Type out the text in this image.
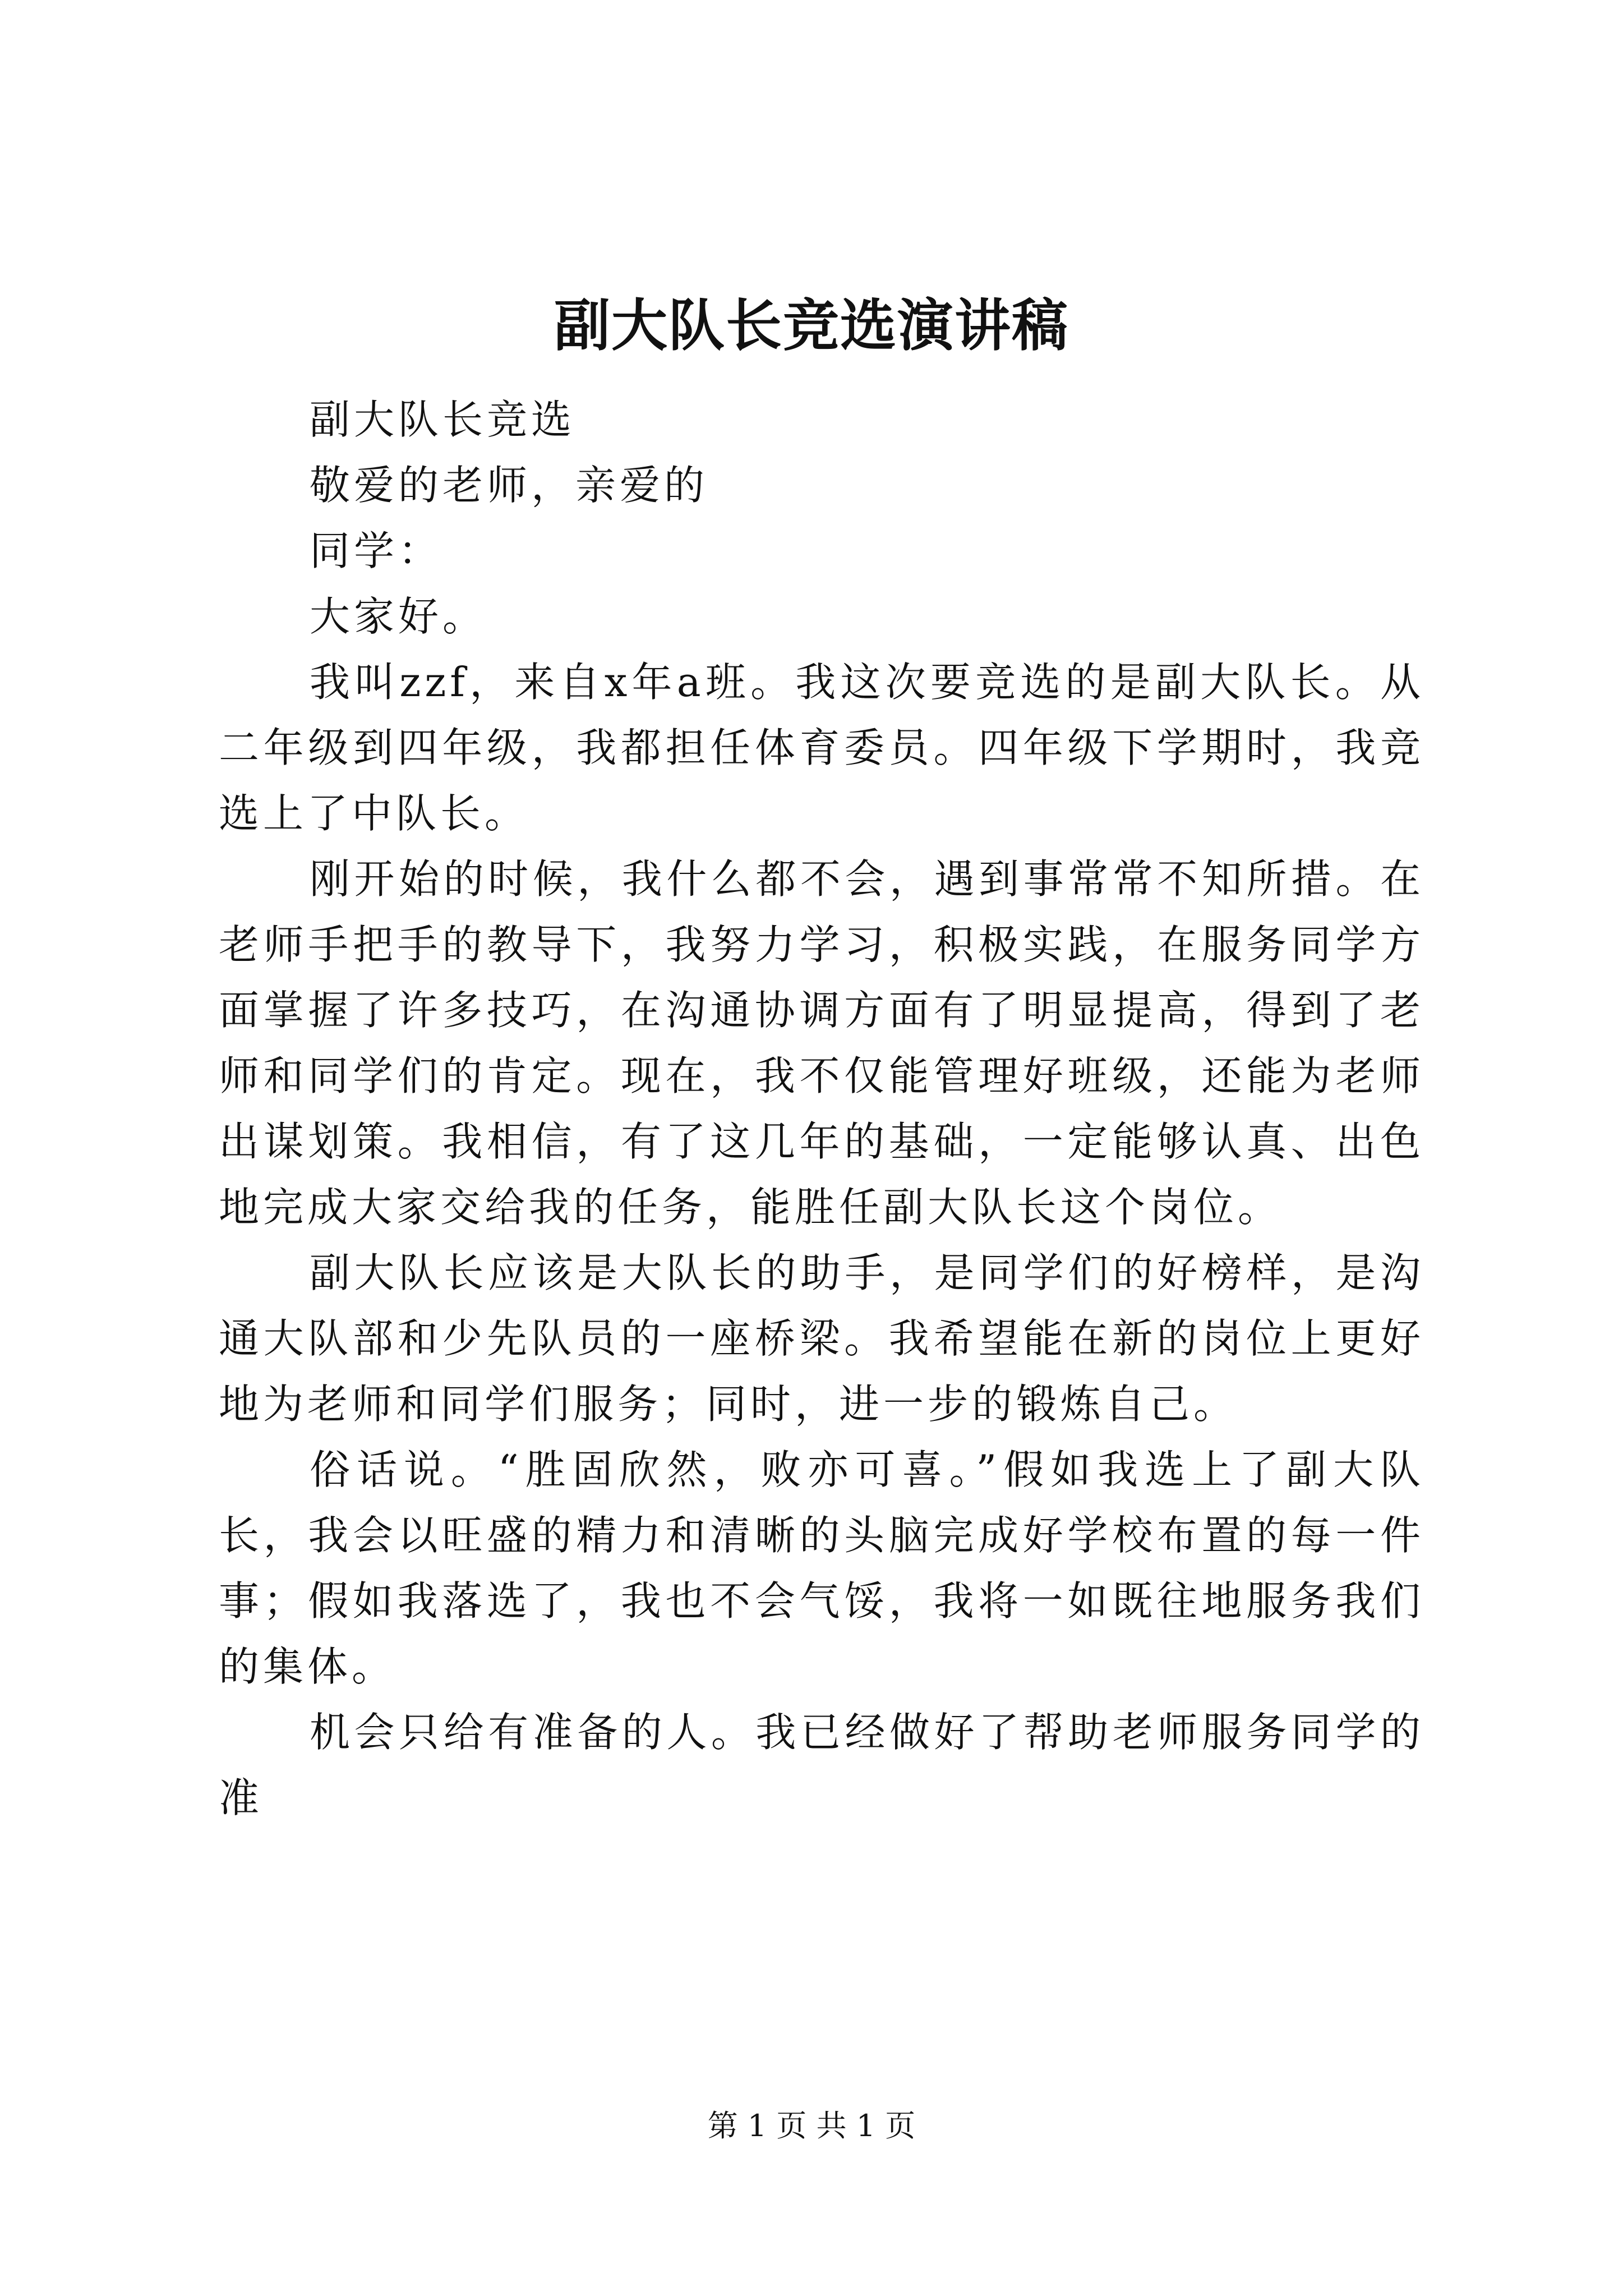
副大队长竞选演讲稿

副大队长竞选

敬爱的老师，亲爱的

同学：

大家好。

我叫zzf，来自x年a班。我这次要竞选的是副大队长。从二年级到四年级，我都担任体育委员。四年级下学期时，我竞选上了中队长。

刚开始的时候，我什么都不会，遇到事常常不知所措。在老师手把手的教导下，我努力学习，积极实践，在服务同学方面掌握了许多技巧，在沟通协调方面有了明显提高，得到了老师和同学们的肯定。现在，我不仅能管理好班级，还能为老师出谋划策。我相信，有了这几年的基础，一定能够认真、出色地完成大家交给我的任务，能胜任副大队长这个岗位。

副大队长应该是大队长的助手，是同学们的好榜样，是沟通大队部和少先队员的一座桥梁。我希望能在新的岗位上更好地为老师和同学们服务；同时，进一步的锻炼自己。

俗话说。“胜固欣然，败亦可喜。”假如我选上了副大队长，我会以旺盛的精力和清晰的头脑完成好学校布置的每一件事；假如我落选了，我也不会气馁，我将一如既往地服务我们的集体。

机会只给有准备的人。我已经做好了帮助老师服务同学的准

第 1 页 共 1 页
